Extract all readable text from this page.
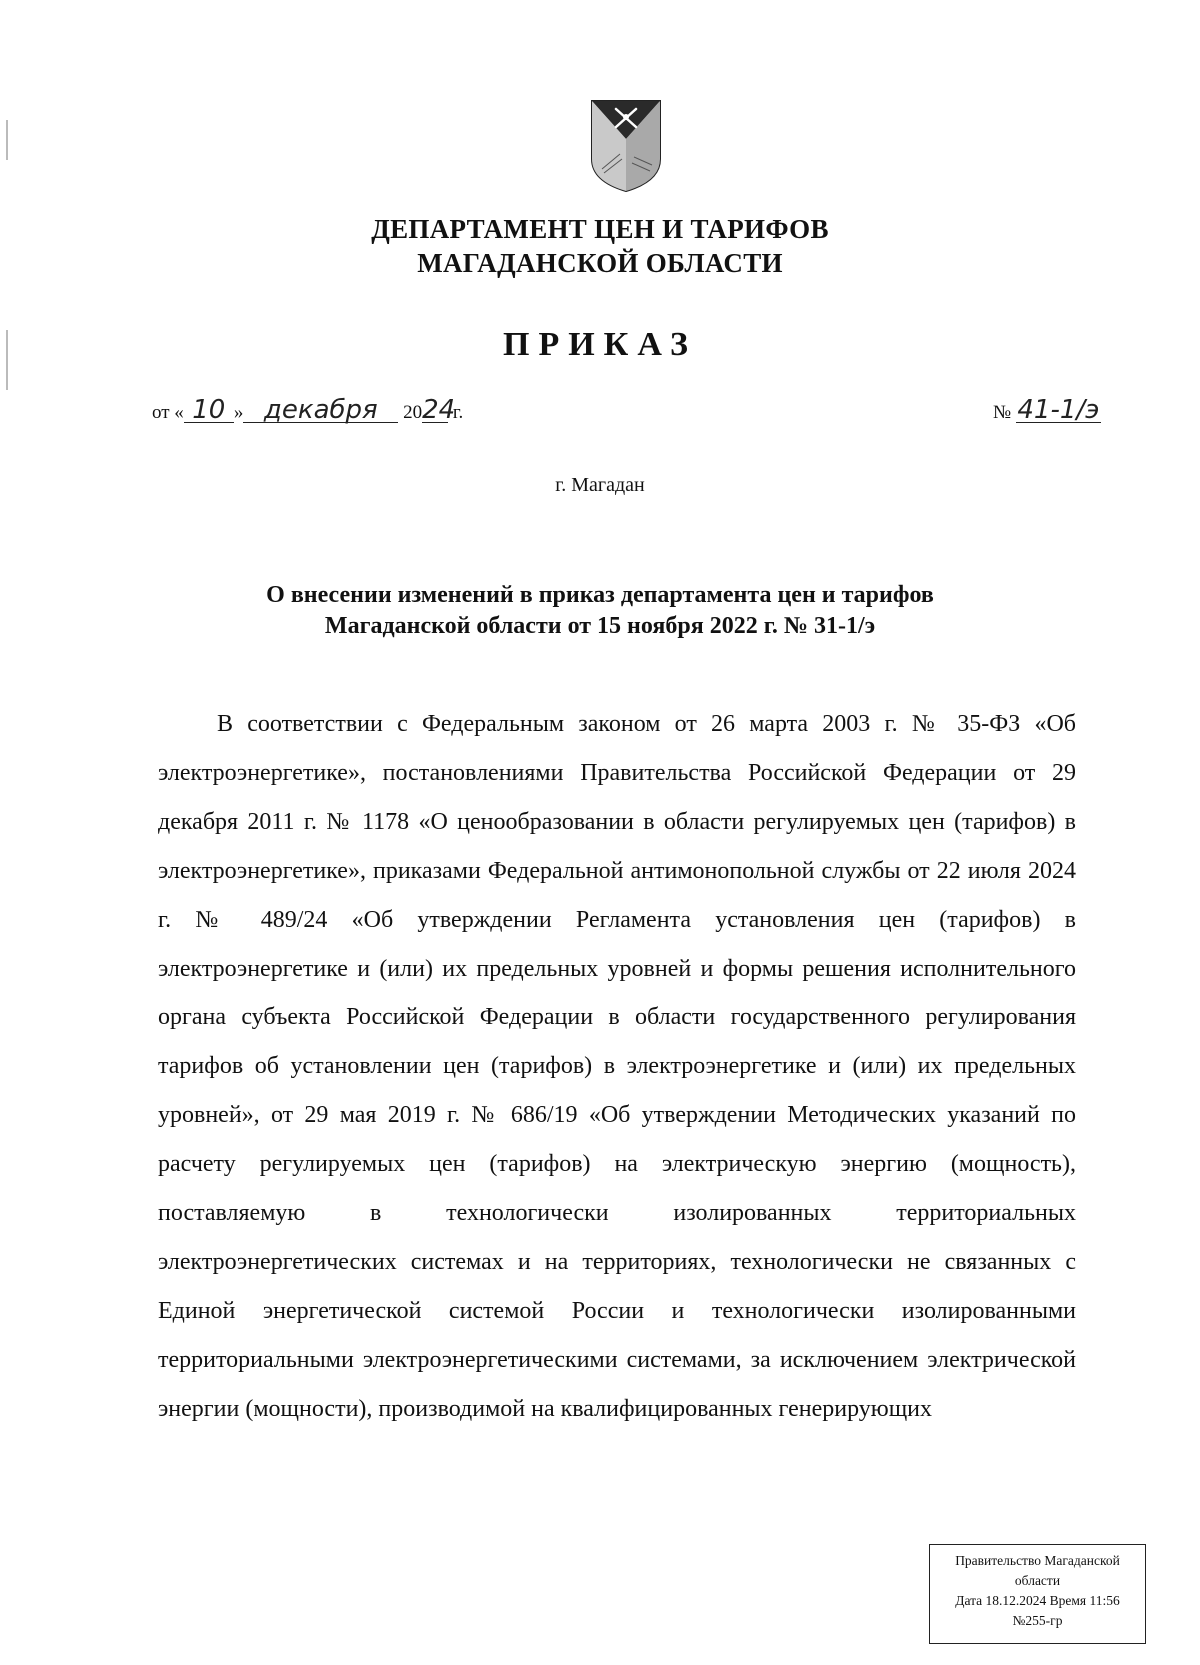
ДЕПАРТАМЕНТ ЦЕН И ТАРИФОВ
МАГАДАНСКОЙ ОБЛАСТИ
ПРИКАЗ
от « 10 » декабря 2024 г.	№ 41-1/э
г. Магадан
О внесении изменений в приказ департамента цен и тарифов
Магаданской области от 15 ноября 2022 г. № 31-1/э
В соответствии с Федеральным законом от 26 марта 2003 г. № 35-ФЗ «Об электроэнергетике», постановлениями Правительства Российской Федерации от 29 декабря 2011 г. № 1178 «О ценообразовании в области регулируемых цен (тарифов) в электроэнергетике», приказами Федеральной антимонопольной службы от 22 июля 2024 г. № 489/24 «Об утверждении Регламента установления цен (тарифов) в электроэнергетике и (или) их предельных уровней и формы решения исполнительного органа субъекта Российской Федерации в области государственного регулирования тарифов об установлении цен (тарифов) в электроэнергетике и (или) их предельных уровней», от 29 мая 2019 г. № 686/19 «Об утверждении Методических указаний по расчету регулируемых цен (тарифов) на электрическую энергию (мощность), поставляемую в технологически изолированных территориальных электроэнергетических системах и на территориях, технологически не связанных с Единой энергетической системой России и технологически изолированными территориальными электроэнергетическими системами, за исключением электрической энергии (мощности), производимой на квалифицированных генерирующих
Правительство Магаданской
области
Дата 18.12.2024 Время 11:56
№255-гр
